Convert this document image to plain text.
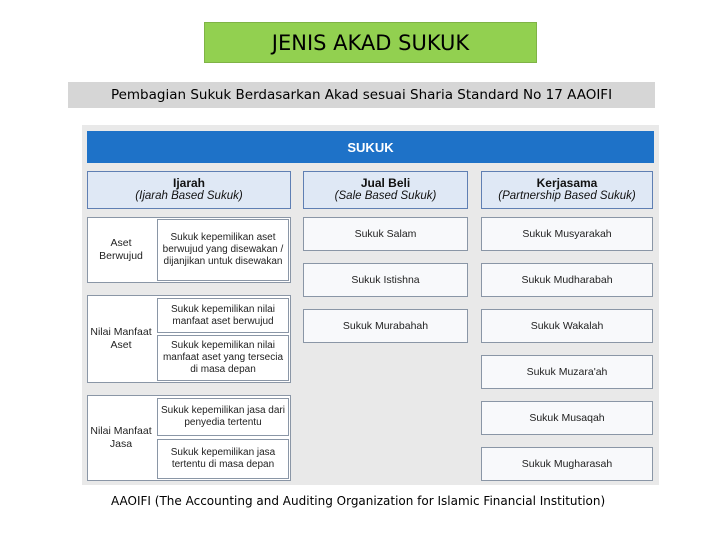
JENIS AKAD SUKUK
Pembagian Sukuk Berdasarkan Akad sesuai Sharia Standard No 17 AAOIFI
SUKUK
Ijarah
(Ijarah Based Sukuk)
Jual Beli
(Sale Based Sukuk)
Kerjasama
(Partnership Based Sukuk)
Aset Berwujud
Sukuk kepemilikan aset berwujud yang disewakan / dijanjikan untuk disewakan
Nilai Manfaat Aset
Sukuk kepemilikan nilai manfaat aset berwujud
Sukuk kepemilikan nilai manfaat aset yang tersecia di masa depan
Nilai Manfaat Jasa
Sukuk kepemilikan jasa dari penyedia tertentu
Sukuk kepemilikan jasa tertentu di masa depan
Sukuk Salam
Sukuk Istishna
Sukuk Murabahah
Sukuk Musyarakah
Sukuk Mudharabah
Sukuk Wakalah
Sukuk Muzara'ah
Sukuk Musaqah
Sukuk Mugharasah
AAOIFI (The Accounting and Auditing Organization for Islamic Financial Institution)
